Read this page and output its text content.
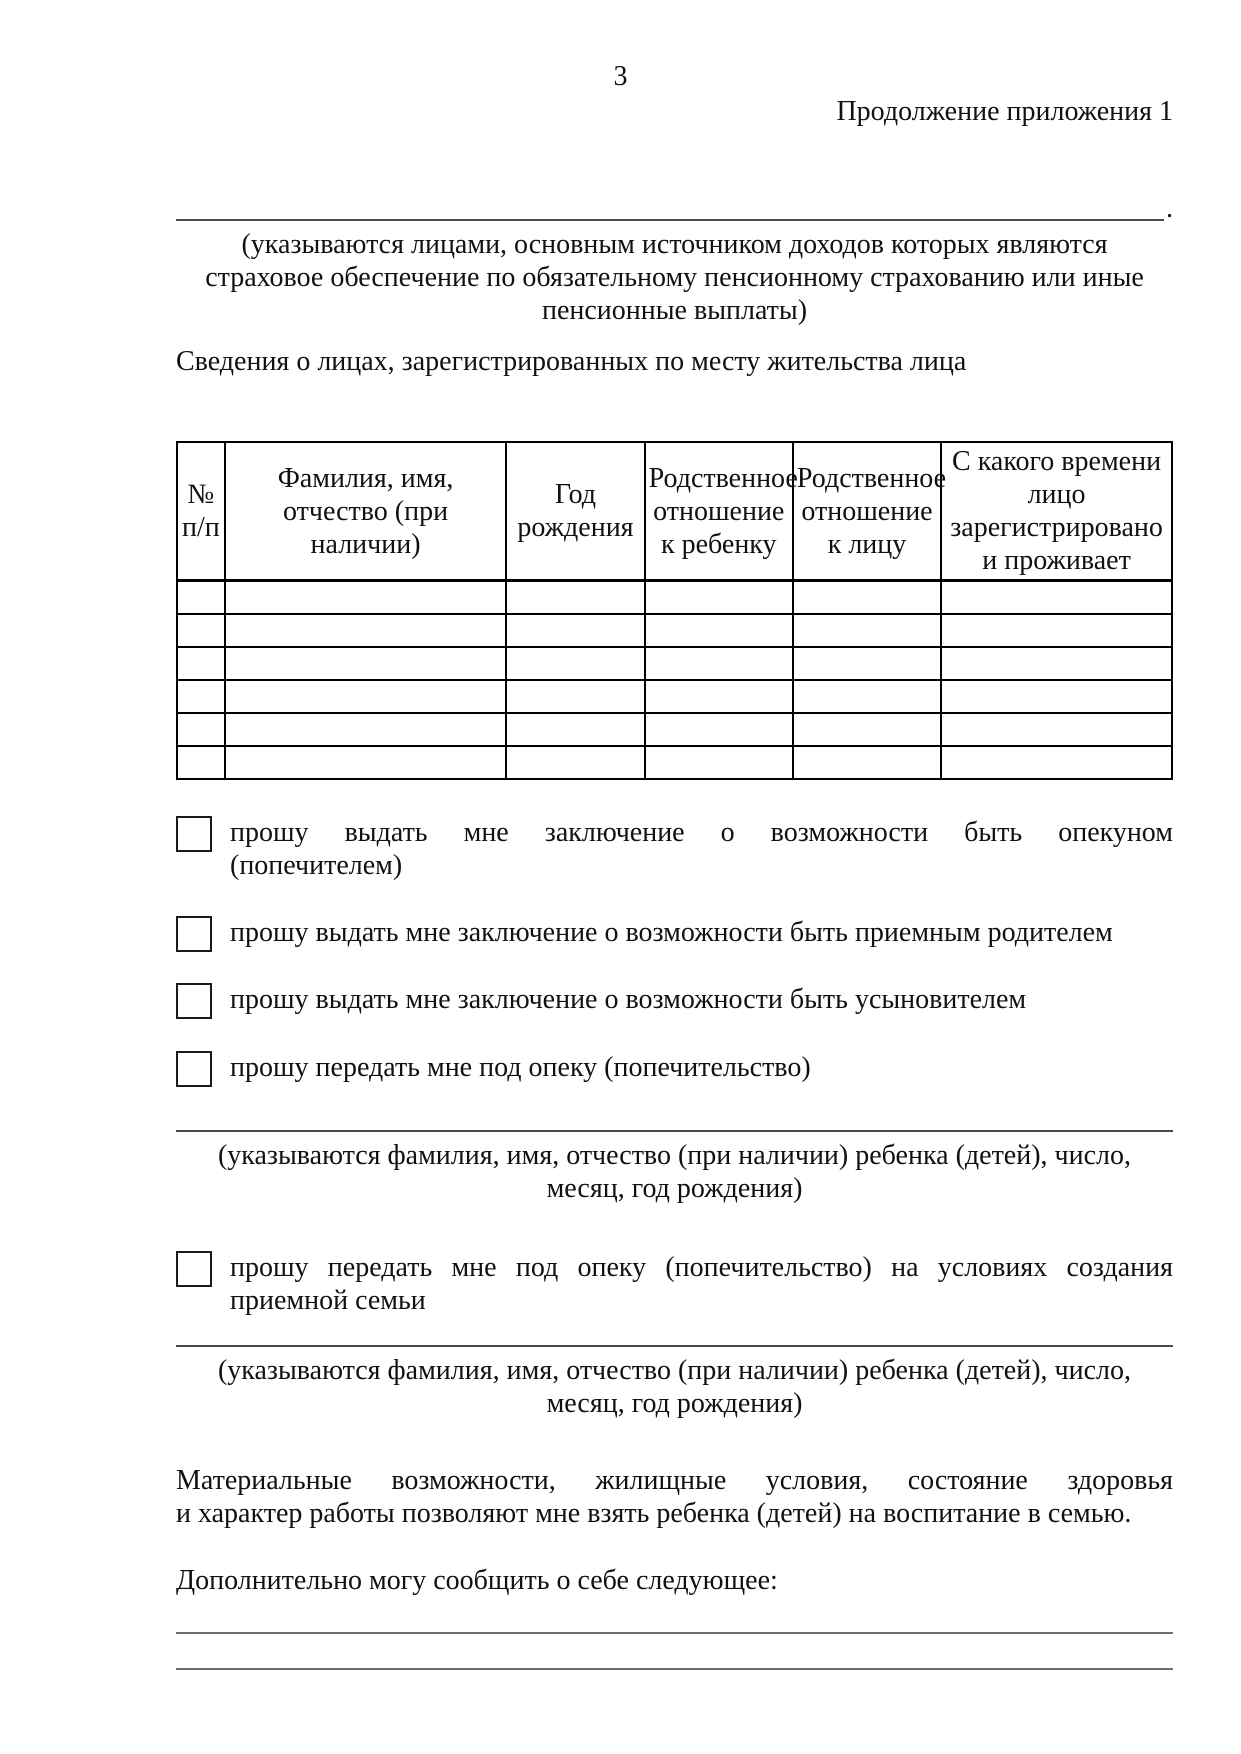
3
Продолжение приложения 1
.
(указываются лицами, основным источником доходов которых являются
страховое обеспечение по обязательному пенсионному страхованию или иные
пенсионные выплаты)
Сведения о лицах, зарегистрированных по месту жительства лица
№ п/п	Фамилия, имя, отчество (при наличии)	Год рождения	Родственное отношение к ребенку	Родственное отношение к лицу	С какого времени лицо зарегистрировано и проживает

прошу выдать мне заключение о возможности быть опекуном
(попечителем)
прошу выдать мне заключение о возможности быть приемным родителем
прошу выдать мне заключение о возможности быть усыновителем
прошу передать мне под опеку (попечительство)
(указываются фамилия, имя, отчество (при наличии) ребенка (детей), число,
месяц, год рождения)
прошу передать мне под опеку (попечительство) на условиях создания
приемной семьи
(указываются фамилия, имя, отчество (при наличии) ребенка (детей), число,
месяц, год рождения)
Материальные возможности, жилищные условия, состояние здоровья
и характер работы позволяют мне взять ребенка (детей) на воспитание в семью.
Дополнительно могу сообщить о себе следующее:
